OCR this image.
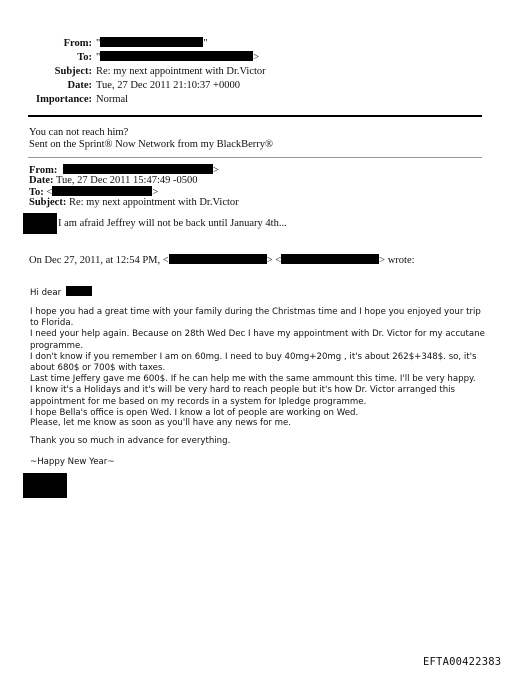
From: "	"
To: "	>
Subject: Re: my next appointment with Dr.Victor
Date: Tue, 27 Dec 2011 21:10:37 +0000
Importance: Normal
You can not reach him?
Sent on the Sprint® Now Network from my BlackBerry®
From:	>
Date: Tue, 27 Dec 2011 15:47:49 -0500
To: <	>
Subject: Re: my next appointment with Dr.Victor
I am afraid Jeffrey will not be back until January 4th...
On Dec 27, 2011, at 12:54 PM, <	> <	> wrote:
Hi dear
I hope you had a great time with your family during the Christmas time and I hope you enjoyed your trip
to Florida.
I need your help again. Because on 28th Wed Dec I have my appointment with Dr. Victor for my accutane
programme.
I don't know if you remember I am on 60mg. I need to buy 40mg+20mg , it's about 262$+348$. so, it's
about 680$ or 700$ with taxes.
Last time Jeffery gave me 600$. If he can help me with the same ammount this time. I'll be very happy.
I know it's a Holidays and it's will be very hard to reach people but it's how Dr. Victor arranged this
appointment for me based on my records in a system for Ipledge programme.
I hope Bella's office is open Wed. I know a lot of people are working on Wed.
Please, let me know as soon as you'll have any news for me.
Thank you so much in advance for everything.
~Happy New Year~
EFTA00422383
